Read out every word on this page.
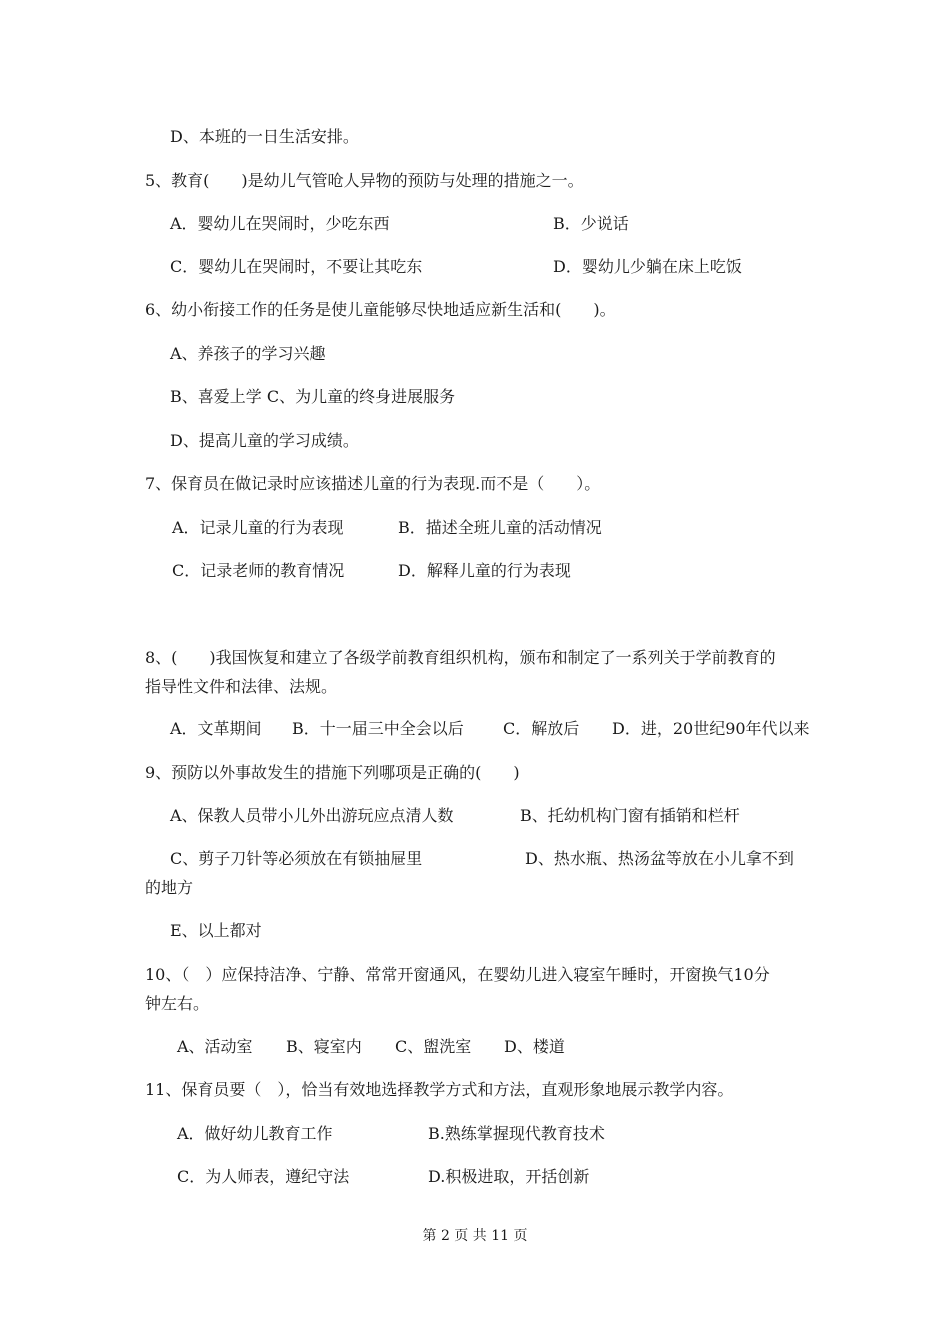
D、本班的一日生活安排。
5、教育(　　)是幼儿气管呛人异物的预防与处理的措施之一。
A．婴幼儿在哭闹时，少吃东西	B．少说话
C．婴幼儿在哭闹时，不要让其吃东	D．婴幼儿少躺在床上吃饭
6、幼小衔接工作的任务是使儿童能够尽快地适应新生活和(　　)。
A、养孩子的学习兴趣
B、喜爱上学 C、为儿童的终身进展服务
D、提高儿童的学习成绩。
7、保育员在做记录时应该描述儿童的行为表现.而不是（　　）。
A．记录儿童的行为表现	B．描述全班儿童的活动情况
C．记录老师的教育情况	D．解释儿童的行为表现
8、(　　)我国恢复和建立了各级学前教育组织机构，颁布和制定了一系列关于学前教育的
指导性文件和法律、法规。
A．文革期间 B．十一届三中全会以后 C．解放后 D．进，20世纪90年代以来
9、预防以外事故发生的措施下列哪项是正确的(　　)
A、保教人员带小儿外出游玩应点清人数	B、托幼机构门窗有插销和栏杆
C、剪子刀针等必须放在有锁抽屉里	D、热水瓶、热汤盆等放在小儿拿不到
的地方
E、以上都对
10、（　）应保持洁净、宁静、常常开窗通风，在婴幼儿进入寝室午睡时，开窗换气10分
钟左右。
A、活动室 B、寝室内 C、盥洗室 D、楼道
11、保育员要（　），恰当有效地选择教学方式和方法，直观形象地展示教学内容。
A．做好幼儿教育工作	B.熟练掌握现代教育技术
C．为人师表，遵纪守法	D.积极进取，开括创新
第 2 页 共 11 页
